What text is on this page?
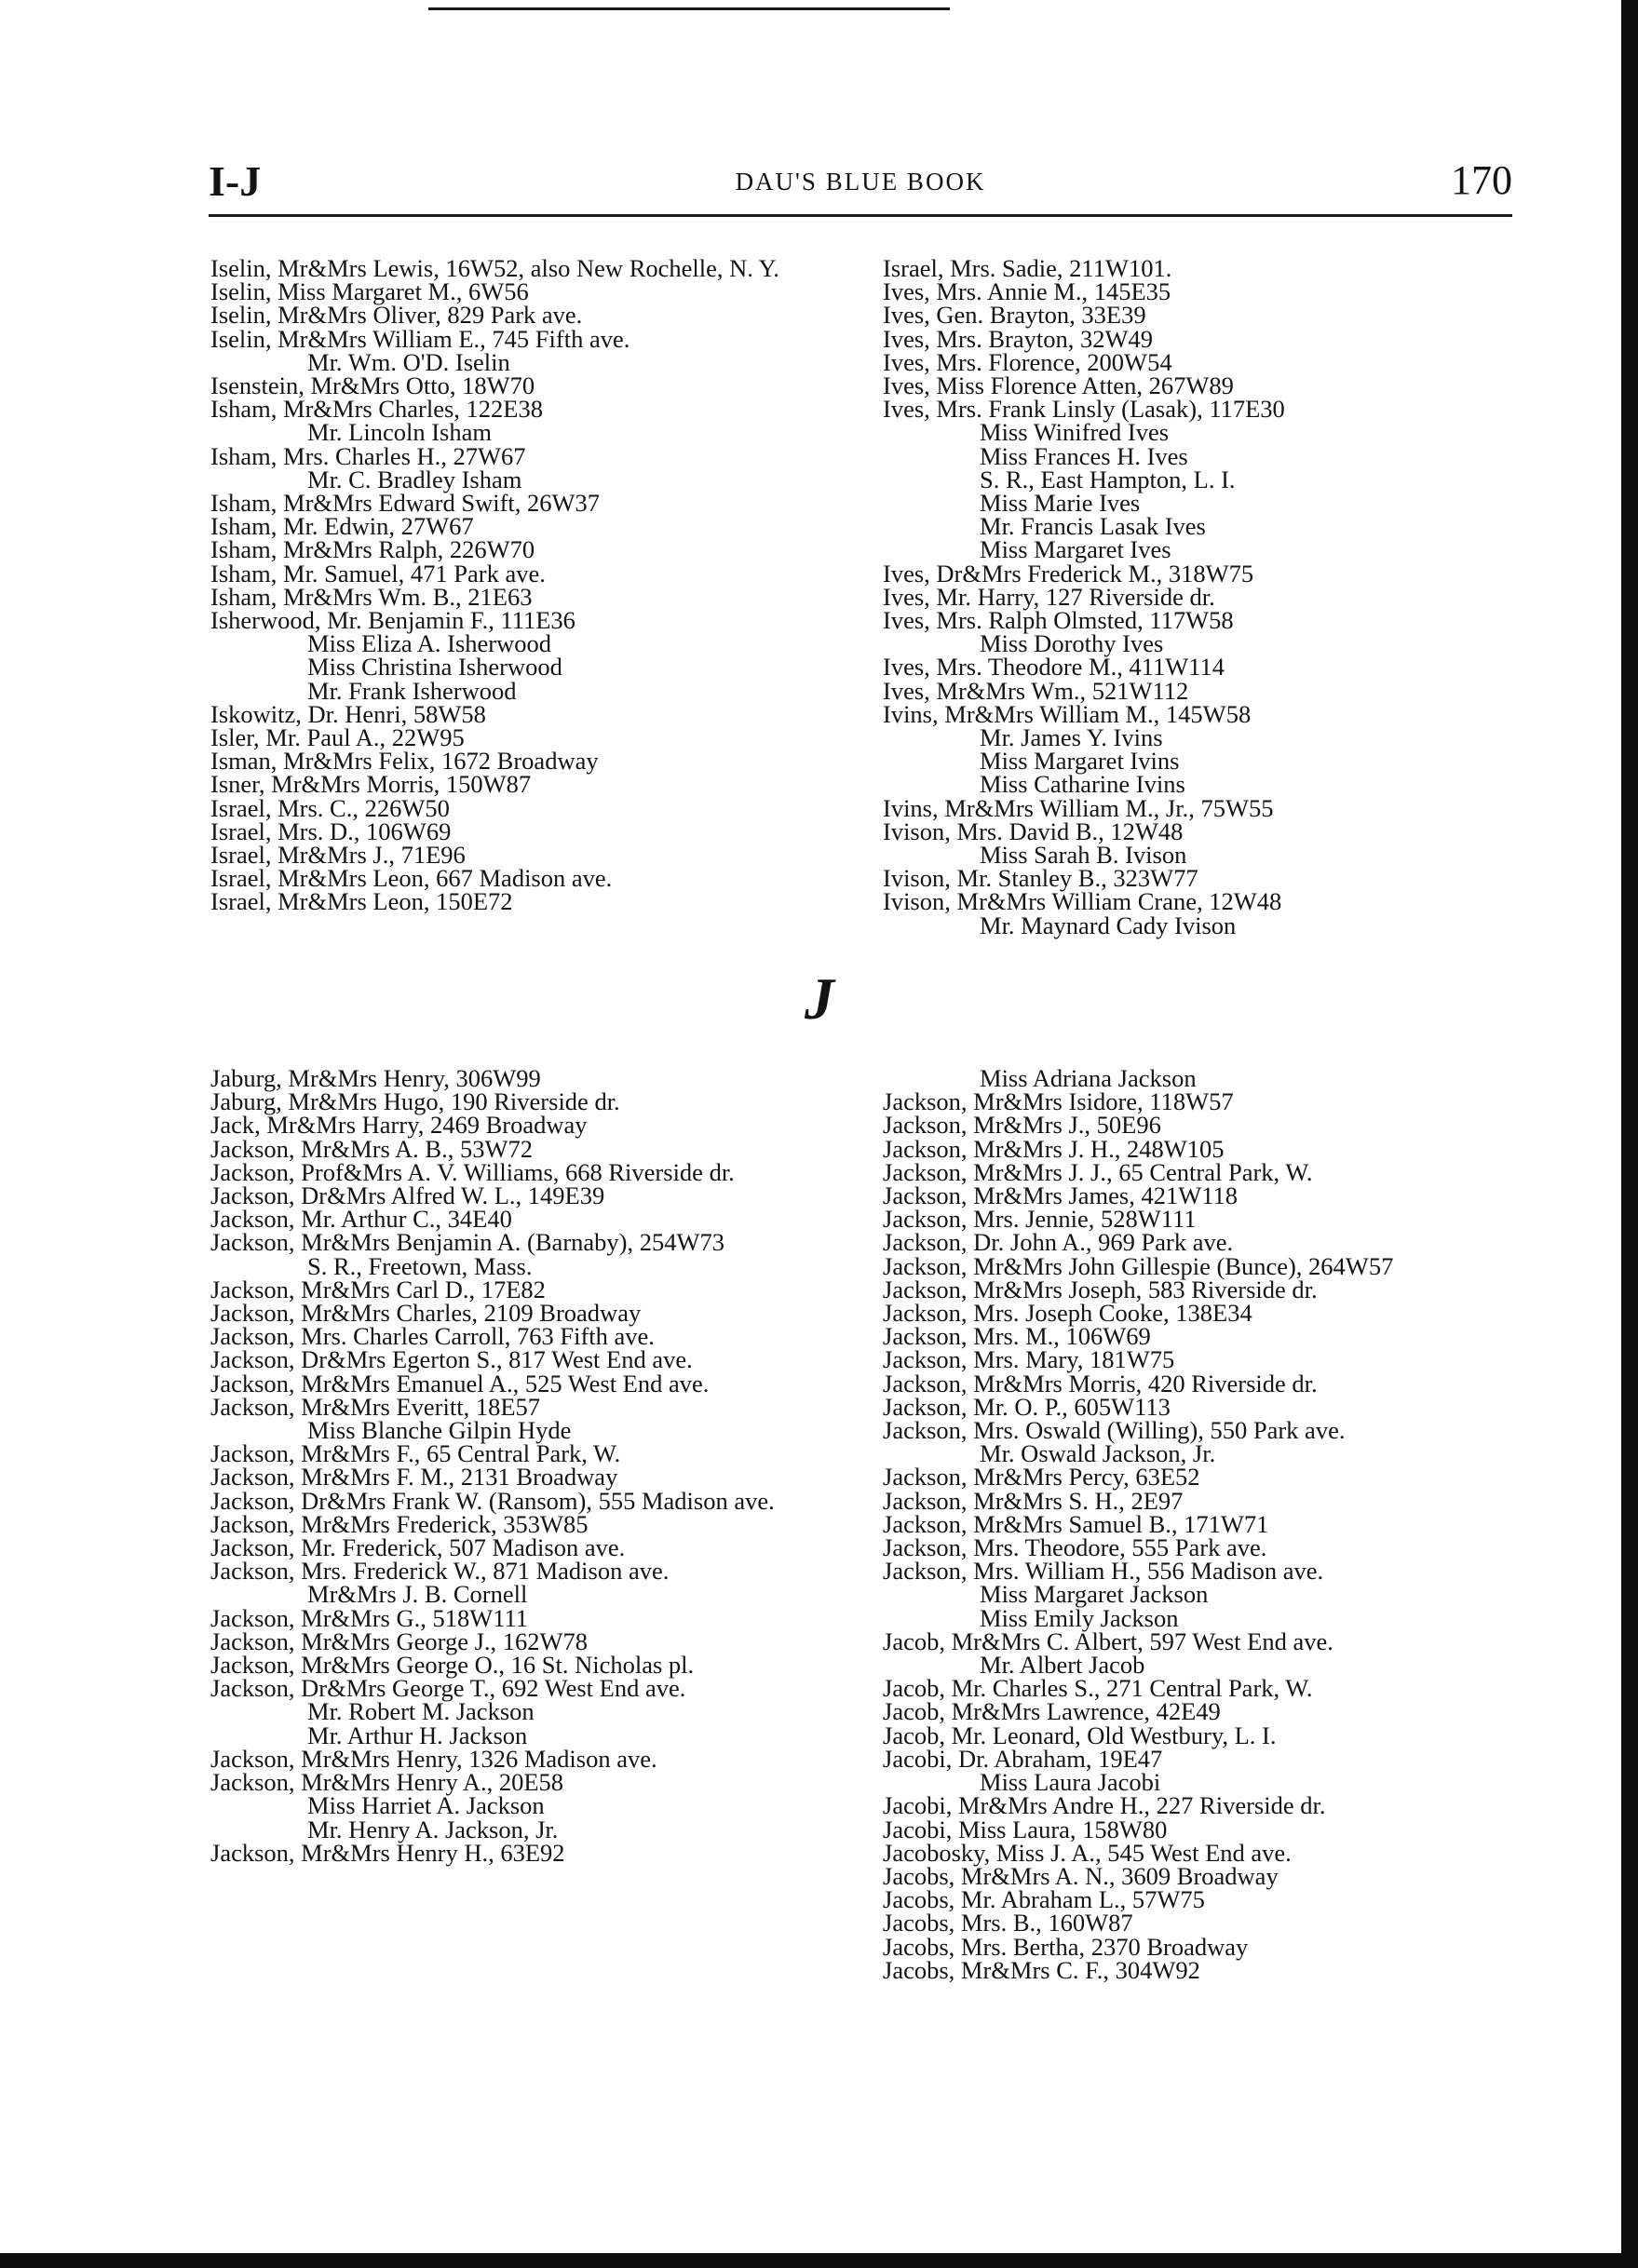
I-J	DAU'S BLUE BOOK	170
Iselin, Mr&Mrs Lewis, 16W52, also New Rochelle, N. Y.
Iselin, Miss Margaret M., 6W56
Iselin, Mr&Mrs Oliver, 829 Park ave.
Iselin, Mr&Mrs William E., 745 Fifth ave.
Mr. Wm. O'D. Iselin
Isenstein, Mr&Mrs Otto, 18W70
Isham, Mr&Mrs Charles, 122E38
Mr. Lincoln Isham
Isham, Mrs. Charles H., 27W67
Mr. C. Bradley Isham
Isham, Mr&Mrs Edward Swift, 26W37
Isham, Mr. Edwin, 27W67
Isham, Mr&Mrs Ralph, 226W70
Isham, Mr. Samuel, 471 Park ave.
Isham, Mr&Mrs Wm. B., 21E63
Isherwood, Mr. Benjamin F., 111E36
Miss Eliza A. Isherwood
Miss Christina Isherwood
Mr. Frank Isherwood
Iskowitz, Dr. Henri, 58W58
Isler, Mr. Paul A., 22W95
Isman, Mr&Mrs Felix, 1672 Broadway
Isner, Mr&Mrs Morris, 150W87
Israel, Mrs. C., 226W50
Israel, Mrs. D., 106W69
Israel, Mr&Mrs J., 71E96
Israel, Mr&Mrs Leon, 667 Madison ave.
Israel, Mr&Mrs Leon, 150E72
Israel, Mrs. Sadie, 211W101.
Ives, Mrs. Annie M., 145E35
Ives, Gen. Brayton, 33E39
Ives, Mrs. Brayton, 32W49
Ives, Mrs. Florence, 200W54
Ives, Miss Florence Atten, 267W89
Ives, Mrs. Frank Linsly (Lasak), 117E30
Miss Winifred Ives
Miss Frances H. Ives
S. R., East Hampton, L. I.
Miss Marie Ives
Mr. Francis Lasak Ives
Miss Margaret Ives
Ives, Dr&Mrs Frederick M., 318W75
Ives, Mr. Harry, 127 Riverside dr.
Ives, Mrs. Ralph Olmsted, 117W58
Miss Dorothy Ives
Ives, Mrs. Theodore M., 411W114
Ives, Mr&Mrs Wm., 521W112
Ivins, Mr&Mrs William M., 145W58
Mr. James Y. Ivins
Miss Margaret Ivins
Miss Catharine Ivins
Ivins, Mr&Mrs William M., Jr., 75W55
Ivison, Mrs. David B., 12W48
Miss Sarah B. Ivison
Ivison, Mr. Stanley B., 323W77
Ivison, Mr&Mrs William Crane, 12W48
Mr. Maynard Cady Ivison
J
Jaburg, Mr&Mrs Henry, 306W99
Jaburg, Mr&Mrs Hugo, 190 Riverside dr.
Jack, Mr&Mrs Harry, 2469 Broadway
Jackson, Mr&Mrs A. B., 53W72
Jackson, Prof&Mrs A. V. Williams, 668 Riverside dr.
Jackson, Dr&Mrs Alfred W. L., 149E39
Jackson, Mr. Arthur C., 34E40
Jackson, Mr&Mrs Benjamin A. (Barnaby), 254W73
S. R., Freetown, Mass.
Jackson, Mr&Mrs Carl D., 17E82
Jackson, Mr&Mrs Charles, 2109 Broadway
Jackson, Mrs. Charles Carroll, 763 Fifth ave.
Jackson, Dr&Mrs Egerton S., 817 West End ave.
Jackson, Mr&Mrs Emanuel A., 525 West End ave.
Jackson, Mr&Mrs Everitt, 18E57
Miss Blanche Gilpin Hyde
Jackson, Mr&Mrs F., 65 Central Park, W.
Jackson, Mr&Mrs F. M., 2131 Broadway
Jackson, Dr&Mrs Frank W. (Ransom), 555 Madison ave.
Jackson, Mr&Mrs Frederick, 353W85
Jackson, Mr. Frederick, 507 Madison ave.
Jackson, Mrs. Frederick W., 871 Madison ave.
Mr&Mrs J. B. Cornell
Jackson, Mr&Mrs G., 518W111
Jackson, Mr&Mrs George J., 162W78
Jackson, Mr&Mrs George O., 16 St. Nicholas pl.
Jackson, Dr&Mrs George T., 692 West End ave.
Mr. Robert M. Jackson
Mr. Arthur H. Jackson
Jackson, Mr&Mrs Henry, 1326 Madison ave.
Jackson, Mr&Mrs Henry A., 20E58
Miss Harriet A. Jackson
Mr. Henry A. Jackson, Jr.
Jackson, Mr&Mrs Henry H., 63E92
Miss Adriana Jackson
Jackson, Mr&Mrs Isidore, 118W57
Jackson, Mr&Mrs J., 50E96
Jackson, Mr&Mrs J. H., 248W105
Jackson, Mr&Mrs J. J., 65 Central Park, W.
Jackson, Mr&Mrs James, 421W118
Jackson, Mrs. Jennie, 528W111
Jackson, Dr. John A., 969 Park ave.
Jackson, Mr&Mrs John Gillespie (Bunce), 264W57
Jackson, Mr&Mrs Joseph, 583 Riverside dr.
Jackson, Mrs. Joseph Cooke, 138E34
Jackson, Mrs. M., 106W69
Jackson, Mrs. Mary, 181W75
Jackson, Mr&Mrs Morris, 420 Riverside dr.
Jackson, Mr. O. P., 605W113
Jackson, Mrs. Oswald (Willing), 550 Park ave.
Mr. Oswald Jackson, Jr.
Jackson, Mr&Mrs Percy, 63E52
Jackson, Mr&Mrs S. H., 2E97
Jackson, Mr&Mrs Samuel B., 171W71
Jackson, Mrs. Theodore, 555 Park ave.
Jackson, Mrs. William H., 556 Madison ave.
Miss Margaret Jackson
Miss Emily Jackson
Jacob, Mr&Mrs C. Albert, 597 West End ave.
Mr. Albert Jacob
Jacob, Mr. Charles S., 271 Central Park, W.
Jacob, Mr&Mrs Lawrence, 42E49
Jacob, Mr. Leonard, Old Westbury, L. I.
Jacobi, Dr. Abraham, 19E47
Miss Laura Jacobi
Jacobi, Mr&Mrs Andre H., 227 Riverside dr.
Jacobi, Miss Laura, 158W80
Jacobosky, Miss J. A., 545 West End ave.
Jacobs, Mr&Mrs A. N., 3609 Broadway
Jacobs, Mr. Abraham L., 57W75
Jacobs, Mrs. B., 160W87
Jacobs, Mrs. Bertha, 2370 Broadway
Jacobs, Mr&Mrs C. F., 304W92
